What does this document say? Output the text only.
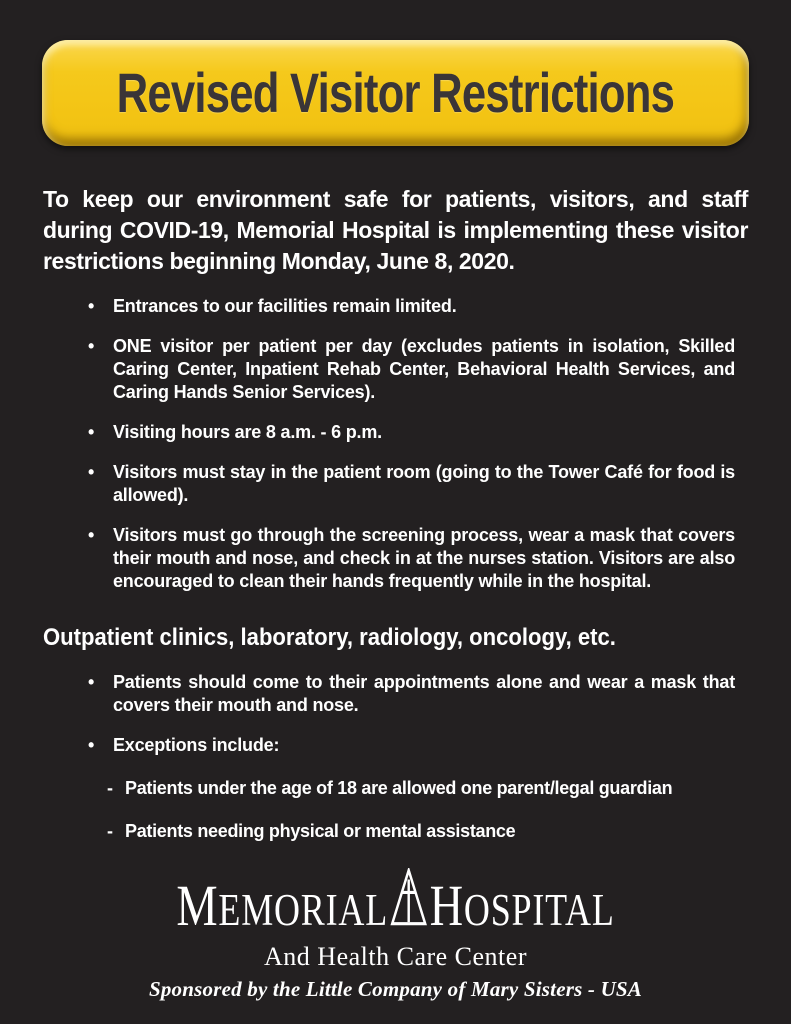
Revised Visitor Restrictions

To keep our environment safe for patients, visitors, and staff during COVID-19, Memorial Hospital is implementing these visitor restrictions beginning Monday, June 8, 2020.

•	Entrances to our facilities remain limited.
•	ONE visitor per patient per day (excludes patients in isolation, Skilled Caring Center, Inpatient Rehab Center, Behavioral Health Services, and Caring Hands Senior Services).
•	Visiting hours are 8 a.m. - 6 p.m.
•	Visitors must stay in the patient room (going to the Tower Café for food is allowed).
•	Visitors must go through the screening process, wear a mask that covers their mouth and nose, and check in at the nurses station. Visitors are also encouraged to clean their hands frequently while in the hospital.
Outpatient clinics, laboratory, radiology, oncology, etc.
•	Patients should come to their appointments alone and wear a mask that covers their mouth and nose.
•	Exceptions include:
- Patients under the age of 18 are allowed one parent/legal guardian
- Patients needing physical or mental assistance
M EMORIAL H OSPITAL
And Health Care Center
Sponsored by the Little Company of Mary Sisters - USA
